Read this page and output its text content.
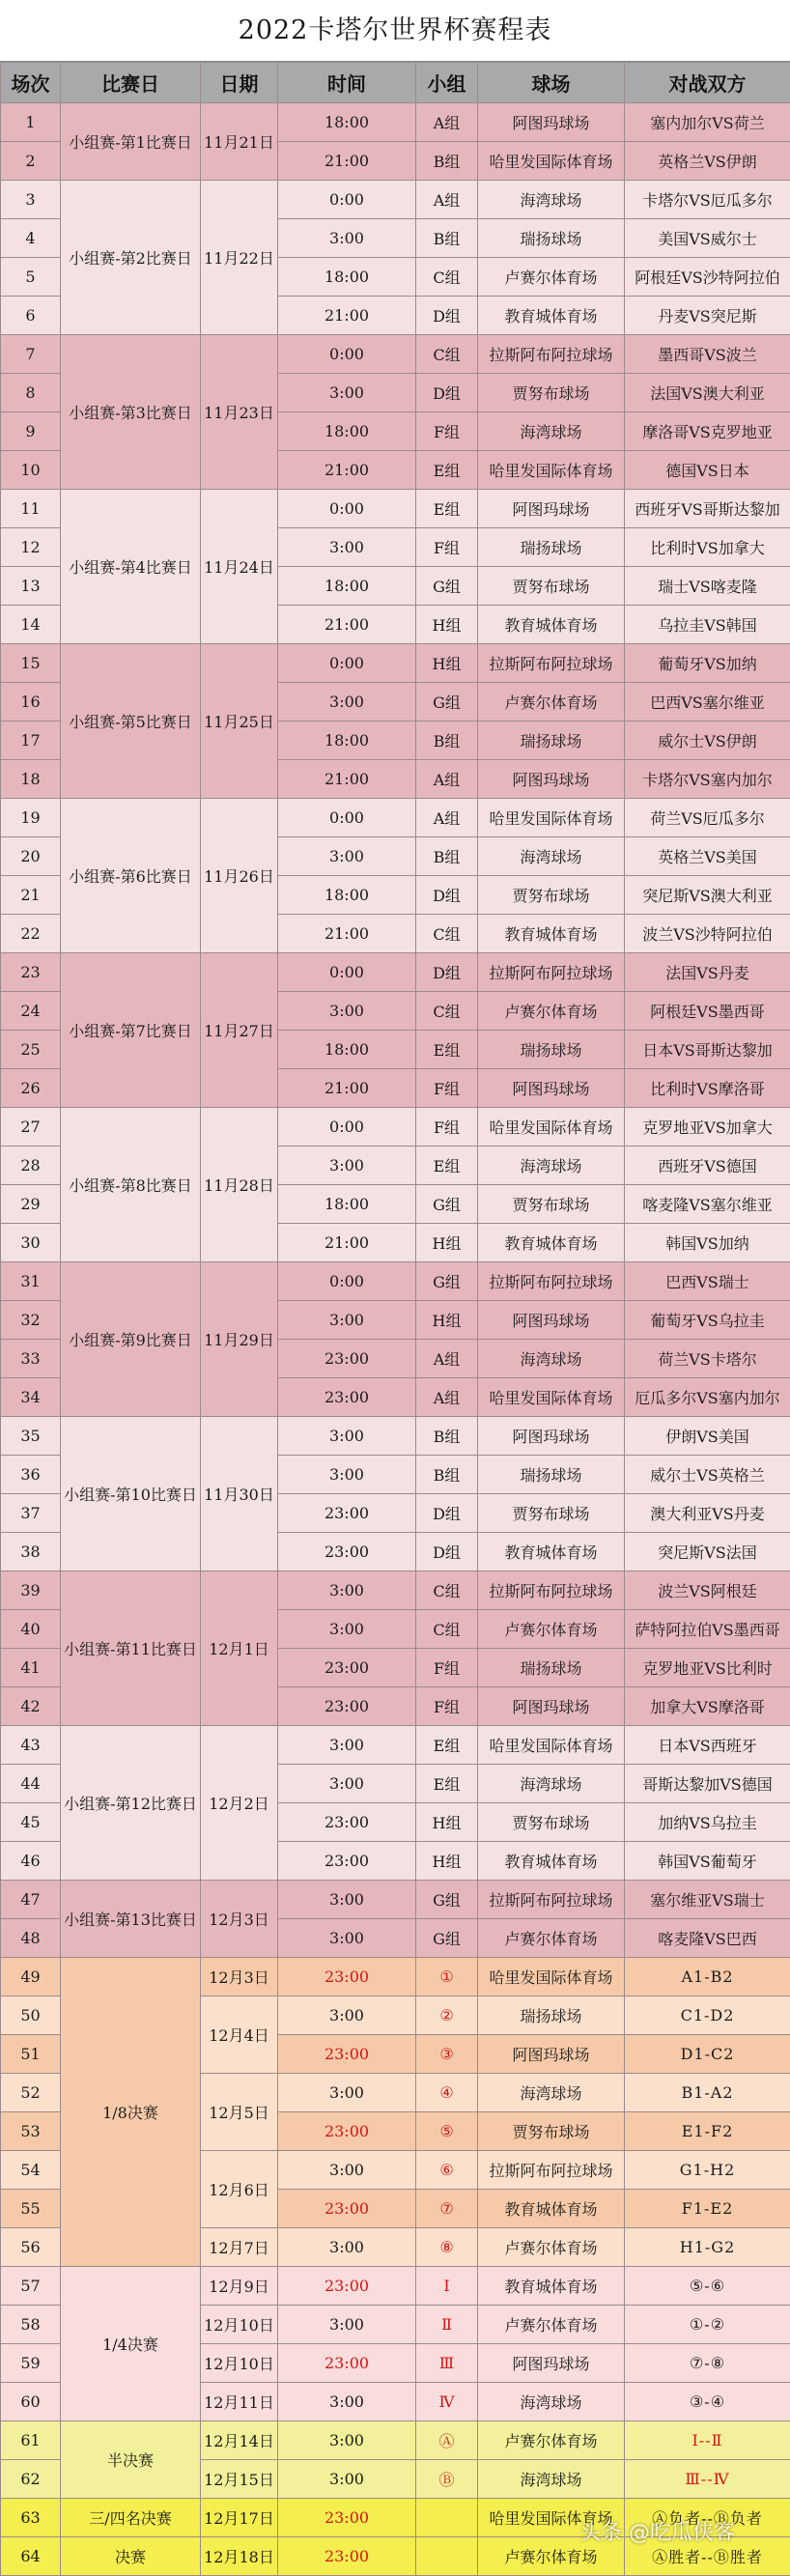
2022卡塔尔世界杯赛程表
场次	比赛日	日期	时间	小组	球场	对战双方
1	小组赛-第1比赛日	11月21日	18:00	A组	阿图玛球场	塞内加尔VS荷兰
2			21:00	B组	哈里发国际体育场	英格兰VS伊朗
3	小组赛-第2比赛日	11月22日	0:00	A组	海湾球场	卡塔尔VS厄瓜多尔
4			3:00	B组	瑞扬球场	美国VS威尔士
5			18:00	C组	卢赛尔体育场	阿根廷VS沙特阿拉伯
6			21:00	D组	教育城体育场	丹麦VS突尼斯
7	小组赛-第3比赛日	11月23日	0:00	C组	拉斯阿布阿拉球场	墨西哥VS波兰
8			3:00	D组	贾努布球场	法国VS澳大利亚
9			18:00	F组	海湾球场	摩洛哥VS克罗地亚
10			21:00	E组	哈里发国际体育场	德国VS日本
11	小组赛-第4比赛日	11月24日	0:00	E组	阿图玛球场	西班牙VS哥斯达黎加
12			3:00	F组	瑞扬球场	比利时VS加拿大
13			18:00	G组	贾努布球场	瑞士VS喀麦隆
14			21:00	H组	教育城体育场	乌拉圭VS韩国
15	小组赛-第5比赛日	11月25日	0:00	H组	拉斯阿布阿拉球场	葡萄牙VS加纳
16			3:00	G组	卢赛尔体育场	巴西VS塞尔维亚
17			18:00	B组	瑞扬球场	威尔士VS伊朗
18			21:00	A组	阿图玛球场	卡塔尔VS塞内加尔
19	小组赛-第6比赛日	11月26日	0:00	A组	哈里发国际体育场	荷兰VS厄瓜多尔
20			3:00	B组	海湾球场	英格兰VS美国
21			18:00	D组	贾努布球场	突尼斯VS澳大利亚
22			21:00	C组	教育城体育场	波兰VS沙特阿拉伯
23	小组赛-第7比赛日	11月27日	0:00	D组	拉斯阿布阿拉球场	法国VS丹麦
24			3:00	C组	卢赛尔体育场	阿根廷VS墨西哥
25			18:00	E组	瑞扬球场	日本VS哥斯达黎加
26			21:00	F组	阿图玛球场	比利时VS摩洛哥
27	小组赛-第8比赛日	11月28日	0:00	F组	哈里发国际体育场	克罗地亚VS加拿大
28			3:00	E组	海湾球场	西班牙VS德国
29			18:00	G组	贾努布球场	喀麦隆VS塞尔维亚
30			21:00	H组	教育城体育场	韩国VS加纳
31	小组赛-第9比赛日	11月29日	0:00	G组	拉斯阿布阿拉球场	巴西VS瑞士
32			3:00	H组	阿图玛球场	葡萄牙VS乌拉圭
33			23:00	A组	海湾球场	荷兰VS卡塔尔
34			23:00	A组	哈里发国际体育场	厄瓜多尔VS塞内加尔
35	小组赛-第10比赛日	11月30日	3:00	B组	阿图玛球场	伊朗VS美国
36			3:00	B组	瑞扬球场	威尔士VS英格兰
37			23:00	D组	贾努布球场	澳大利亚VS丹麦
38			23:00	D组	教育城体育场	突尼斯VS法国
39	小组赛-第11比赛日	12月1日	3:00	C组	拉斯阿布阿拉球场	波兰VS阿根廷
40			3:00	C组	卢赛尔体育场	萨特阿拉伯VS墨西哥
41			23:00	F组	瑞扬球场	克罗地亚VS比利时
42			23:00	F组	阿图玛球场	加拿大VS摩洛哥
43	小组赛-第12比赛日	12月2日	3:00	E组	哈里发国际体育场	日本VS西班牙
44			3:00	E组	海湾球场	哥斯达黎加VS德国
45			23:00	H组	贾努布球场	加纳VS乌拉圭
46			23:00	H组	教育城体育场	韩国VS葡萄牙
47	小组赛-第13比赛日	12月3日	3:00	G组	拉斯阿布阿拉球场	塞尔维亚VS瑞士
48			3:00	G组	卢赛尔体育场	喀麦隆VS巴西
49	1/8决赛	12月3日	23:00	①	哈里发国际体育场	A1-B2
50		12月4日	3:00	②	瑞扬球场	C1-D2
51			23:00	③	阿图玛球场	D1-C2
52		12月5日	3:00	④	海湾球场	B1-A2
53			23:00	⑤	贾努布球场	E1-F2
54		12月6日	3:00	⑥	拉斯阿布阿拉球场	G1-H2
55			23:00	⑦	教育城体育场	F1-E2
56		12月7日	3:00	⑧	卢赛尔体育场	H1-G2
57	1/4决赛	12月9日	23:00	Ⅰ	教育城体育场	⑤-⑥
58		12月10日	3:00	Ⅱ	卢赛尔体育场	①-②
59		12月10日	23:00	Ⅲ	阿图玛球场	⑦-⑧
60		12月11日	3:00	Ⅳ	海湾球场	③-④
61	半决赛	12月14日	3:00	Ⓐ	卢赛尔体育场	Ⅰ--Ⅱ
62		12月15日	3:00	Ⓑ	海湾球场	Ⅲ--Ⅳ
63	三/四名决赛	12月17日	23:00		哈里发国际体育场	Ⓐ负者--Ⓑ负者
64	决赛	12月18日	23:00		卢赛尔体育场	Ⓐ胜者--Ⓑ胜者
头条 @吃瓜侠客
